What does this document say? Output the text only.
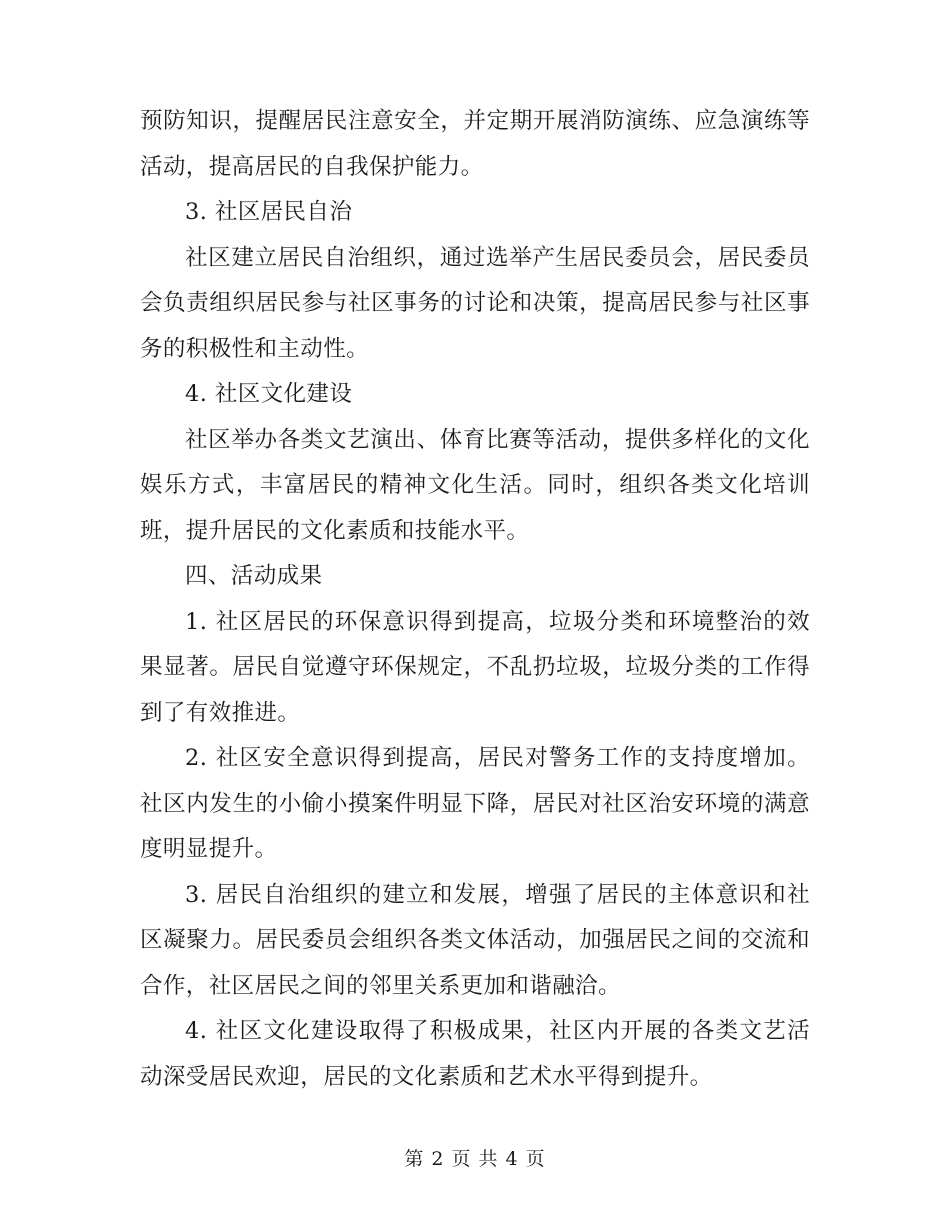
预防知识，提醒居民注意安全，并定期开展消防演练、应急演练等活动，提高居民的自我保护能力。

3. 社区居民自治

社区建立居民自治组织，通过选举产生居民委员会，居民委员会负责组织居民参与社区事务的讨论和决策，提高居民参与社区事务的积极性和主动性。

4. 社区文化建设

社区举办各类文艺演出、体育比赛等活动，提供多样化的文化娱乐方式，丰富居民的精神文化生活。同时，组织各类文化培训班，提升居民的文化素质和技能水平。

四、活动成果

1. 社区居民的环保意识得到提高，垃圾分类和环境整治的效果显著。居民自觉遵守环保规定，不乱扔垃圾，垃圾分类的工作得到了有效推进。

2. 社区安全意识得到提高，居民对警务工作的支持度增加。社区内发生的小偷小摸案件明显下降，居民对社区治安环境的满意度明显提升。

3. 居民自治组织的建立和发展，增强了居民的主体意识和社区凝聚力。居民委员会组织各类文体活动，加强居民之间的交流和合作，社区居民之间的邻里关系更加和谐融洽。

4. 社区文化建设取得了积极成果，社区内开展的各类文艺活动深受居民欢迎，居民的文化素质和艺术水平得到提升。

第 2 页 共 4 页
